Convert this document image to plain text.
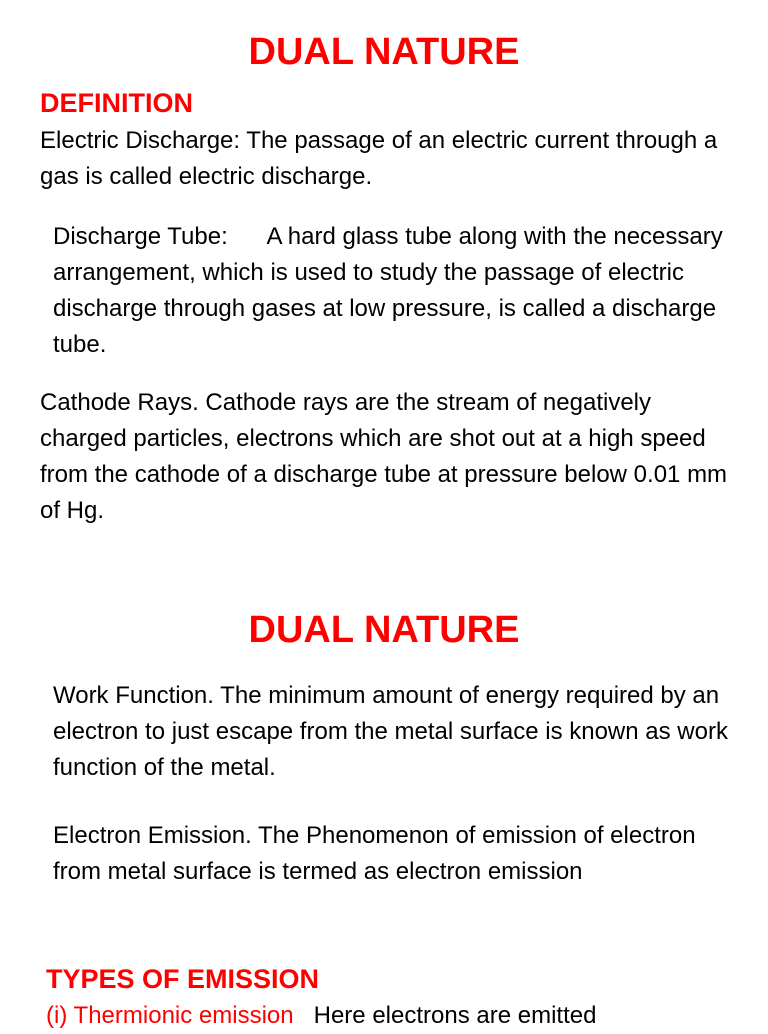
DUAL NATURE
DEFINITION

Electric Discharge: The passage of an electric current through a gas is called electric discharge.

Discharge Tube:      A hard glass tube along with the necessary arrangement, which is used to study the passage of electric discharge through gases at low pressure, is called a discharge tube.

Cathode Rays. Cathode rays are the stream of negatively charged particles, electrons which are shot out at a high speed from the cathode of a discharge tube at pressure below 0.01 mm of Hg.

DUAL NATURE

Work Function. The minimum amount of energy required by an electron to just escape from the metal surface is known as work function of the metal.

Electron Emission. The Phenomenon of emission of electron from metal surface is termed as electron emission

TYPES OF EMISSION

(i) Thermionic emission   Here electrons are emitted
